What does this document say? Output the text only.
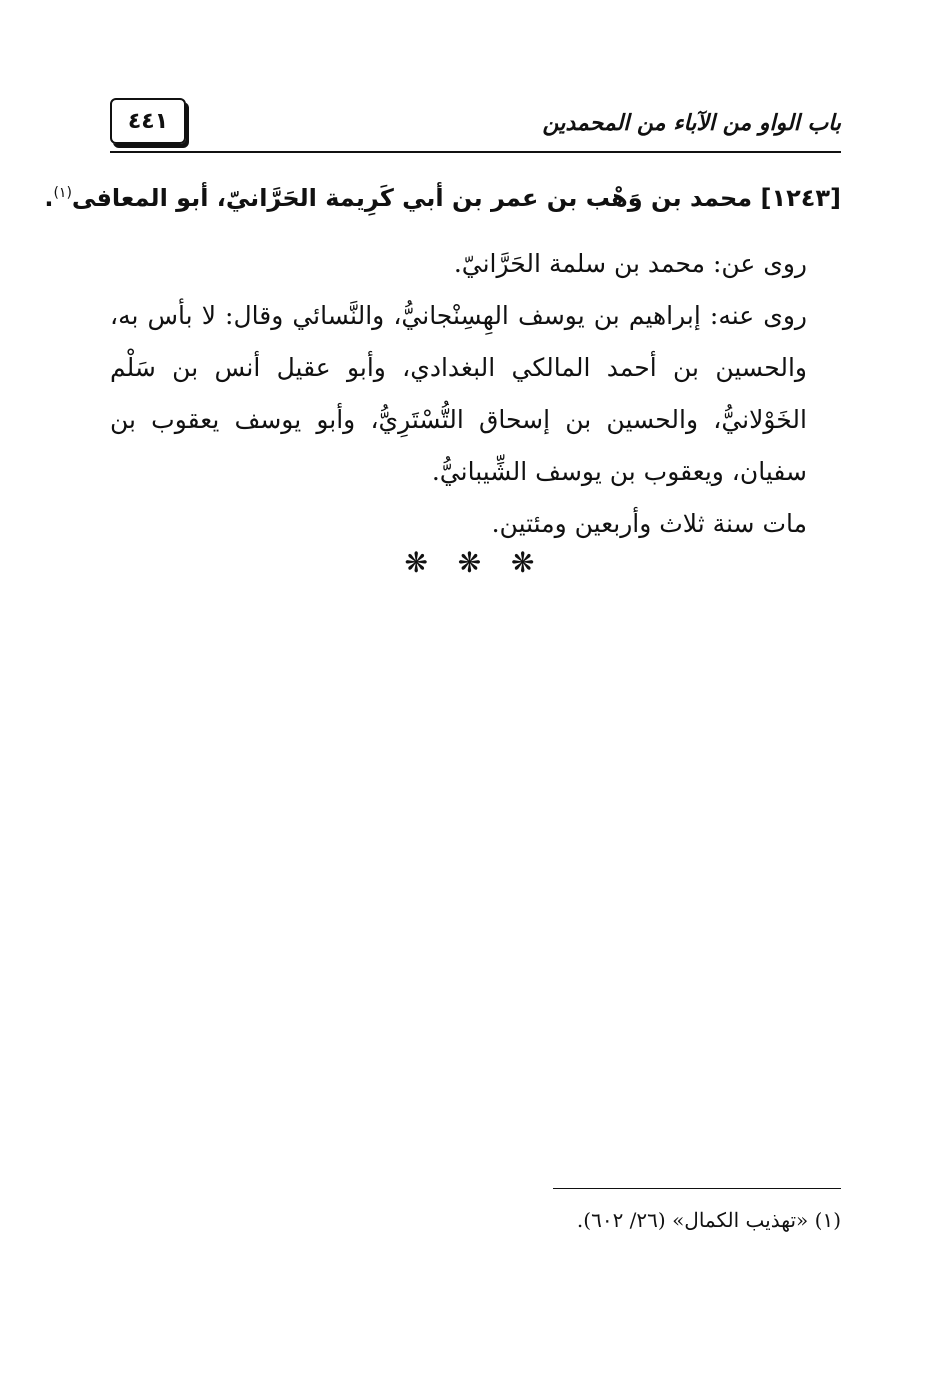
٤٤١	باب الواو من الآباء من المحمدين
[١٢٤٣] محمد بن وَهْب بن عمر بن أبي كَرِيمة الحَرَّانيّ، أبو المعافى$^{(١)}$.

روى عن: محمد بن سلمة الحَرَّانيّ.

روى عنه: إبراهيم بن يوسف الهِسِنْجانيُّ، والنَّسائي وقال: لا بأس به، والحسين بن أحمد المالكي البغدادي، وأبو عقيل أنس بن سَلْم الخَوْلانيُّ، والحسين بن إسحاق التُّسْتَرِيُّ، وأبو يوسف يعقوب بن سفيان، ويعقوب بن يوسف الشِّيبانيُّ.

مات سنة ثلاث وأربعين ومئتين.

❋ ❋ ❋
(١) «تهذيب الكمال» (٢٦/ ٦٠٢).
